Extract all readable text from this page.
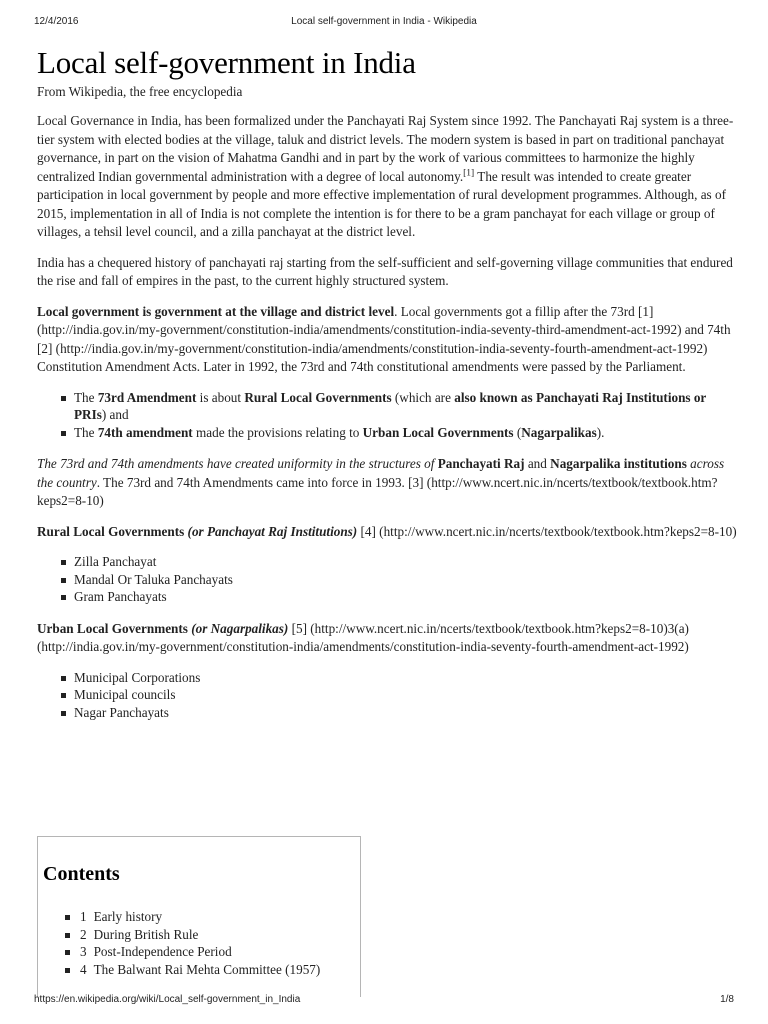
12/4/2016	Local self-government in India - Wikipedia
Local self-government in India
From Wikipedia, the free encyclopedia

Local Governance in India, has been formalized under the Panchayati Raj System since 1992. The Panchayati Raj system is a three-tier system with elected bodies at the village, taluk and district levels. The modern system is based in part on traditional panchayat governance, in part on the vision of Mahatma Gandhi and in part by the work of various committees to harmonize the highly centralized Indian governmental administration with a degree of local autonomy.[1] The result was intended to create greater participation in local government by people and more effective implementation of rural development programmes. Although, as of 2015, implementation in all of India is not complete the intention is for there to be a gram panchayat for each village or group of villages, a tehsil level council, and a zilla panchayat at the district level.

India has a chequered history of panchayati raj starting from the self-sufficient and self-governing village communities that endured the rise and fall of empires in the past, to the current highly structured system.

Local government is government at the village and district level. Local governments got a fillip after the 73rd [1] (http://india.gov.in/my-government/constitution-india/amendments/constitution-india-seventy-third-amendment-act-1992) and 74th [2] (http://india.gov.in/my-government/constitution-india/amendments/constitution-india-seventy-fourth-amendment-act-1992) Constitution Amendment Acts. Later in 1992, the 73rd and 74th constitutional amendments were passed by the Parliament.

The 73rd Amendment is about Rural Local Governments (which are also known as Panchayati Raj Institutions or PRIs) and
The 74th amendment made the provisions relating to Urban Local Governments (Nagarpalikas).

The 73rd and 74th amendments have created uniformity in the structures of Panchayati Raj and Nagarpalika institutions across the country. The 73rd and 74th Amendments came into force in 1993. [3] (http://www.ncert.nic.in/ncerts/textbook/textbook.htm?keps2=8-10)

Rural Local Governments (or Panchayat Raj Institutions) [4] (http://www.ncert.nic.in/ncerts/textbook/textbook.htm?keps2=8-10)

Zilla Panchayat
Mandal Or Taluka Panchayats
Gram Panchayats

Urban Local Governments (or Nagarpalikas) [5] (http://www.ncert.nic.in/ncerts/textbook/textbook.htm?keps2=8-10)3(a) (http://india.gov.in/my-government/constitution-india/amendments/constitution-india-seventy-fourth-amendment-act-1992)

Municipal Corporations
Municipal councils
Nagar Panchayats
Contents
1 Early history
2 During British Rule
3 Post-Independence Period
4 The Balwant Rai Mehta Committee (1957)
https://en.wikipedia.org/wiki/Local_self-government_in_India	1/8
